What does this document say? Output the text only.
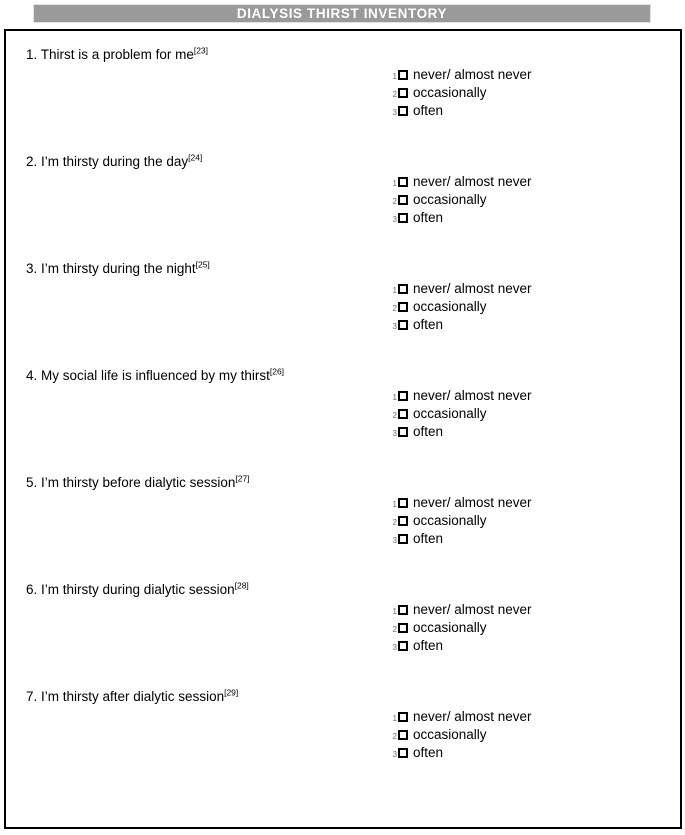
DIALYSIS THIRST INVENTORY
1. Thirst is a problem for me[23]
1 never/ almost never
2 occasionally
3 often
2. I’m thirsty during the day[24]
1 never/ almost never
2 occasionally
3 often
3. I’m thirsty during the night[25]
1 never/ almost never
2 occasionally
3 often
4. My social life is influenced by my thirst[26]
1 never/ almost never
2 occasionally
3 often
5. I’m thirsty before dialytic session[27]
1 never/ almost never
2 occasionally
3 often
6. I’m thirsty during dialytic session[28]
1 never/ almost never
2 occasionally
3 often
7. I’m thirsty after dialytic session[29]
1 never/ almost never
2 occasionally
3 often
